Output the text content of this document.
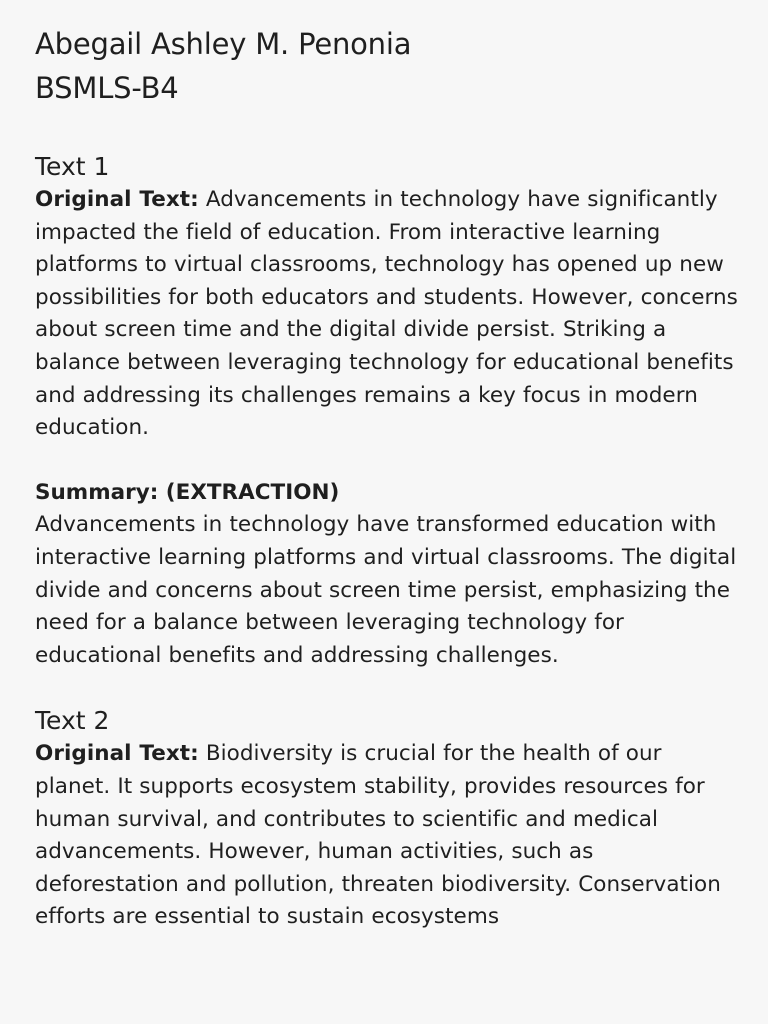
Abegail Ashley M. Penonia

BSMLS-B4

Text 1

Original Text: Advancements in technology have significantly impacted the field of education. From interactive learning platforms to virtual classrooms, technology has opened up new possibilities for both educators and students. However, concerns about screen time and the digital divide persist. Striking a balance between leveraging technology for educational benefits and addressing its challenges remains a key focus in modern education.

Summary: (EXTRACTION)

Advancements in technology have transformed education with interactive learning platforms and virtual classrooms. The digital divide and concerns about screen time persist, emphasizing the need for a balance between leveraging technology for educational benefits and addressing challenges.

Text 2

Original Text: Biodiversity is crucial for the health of our planet. It supports ecosystem stability, provides resources for human survival, and contributes to scientific and medical advancements. However, human activities, such as deforestation and pollution, threaten biodiversity. Conservation efforts are essential to sustain ecosystems
